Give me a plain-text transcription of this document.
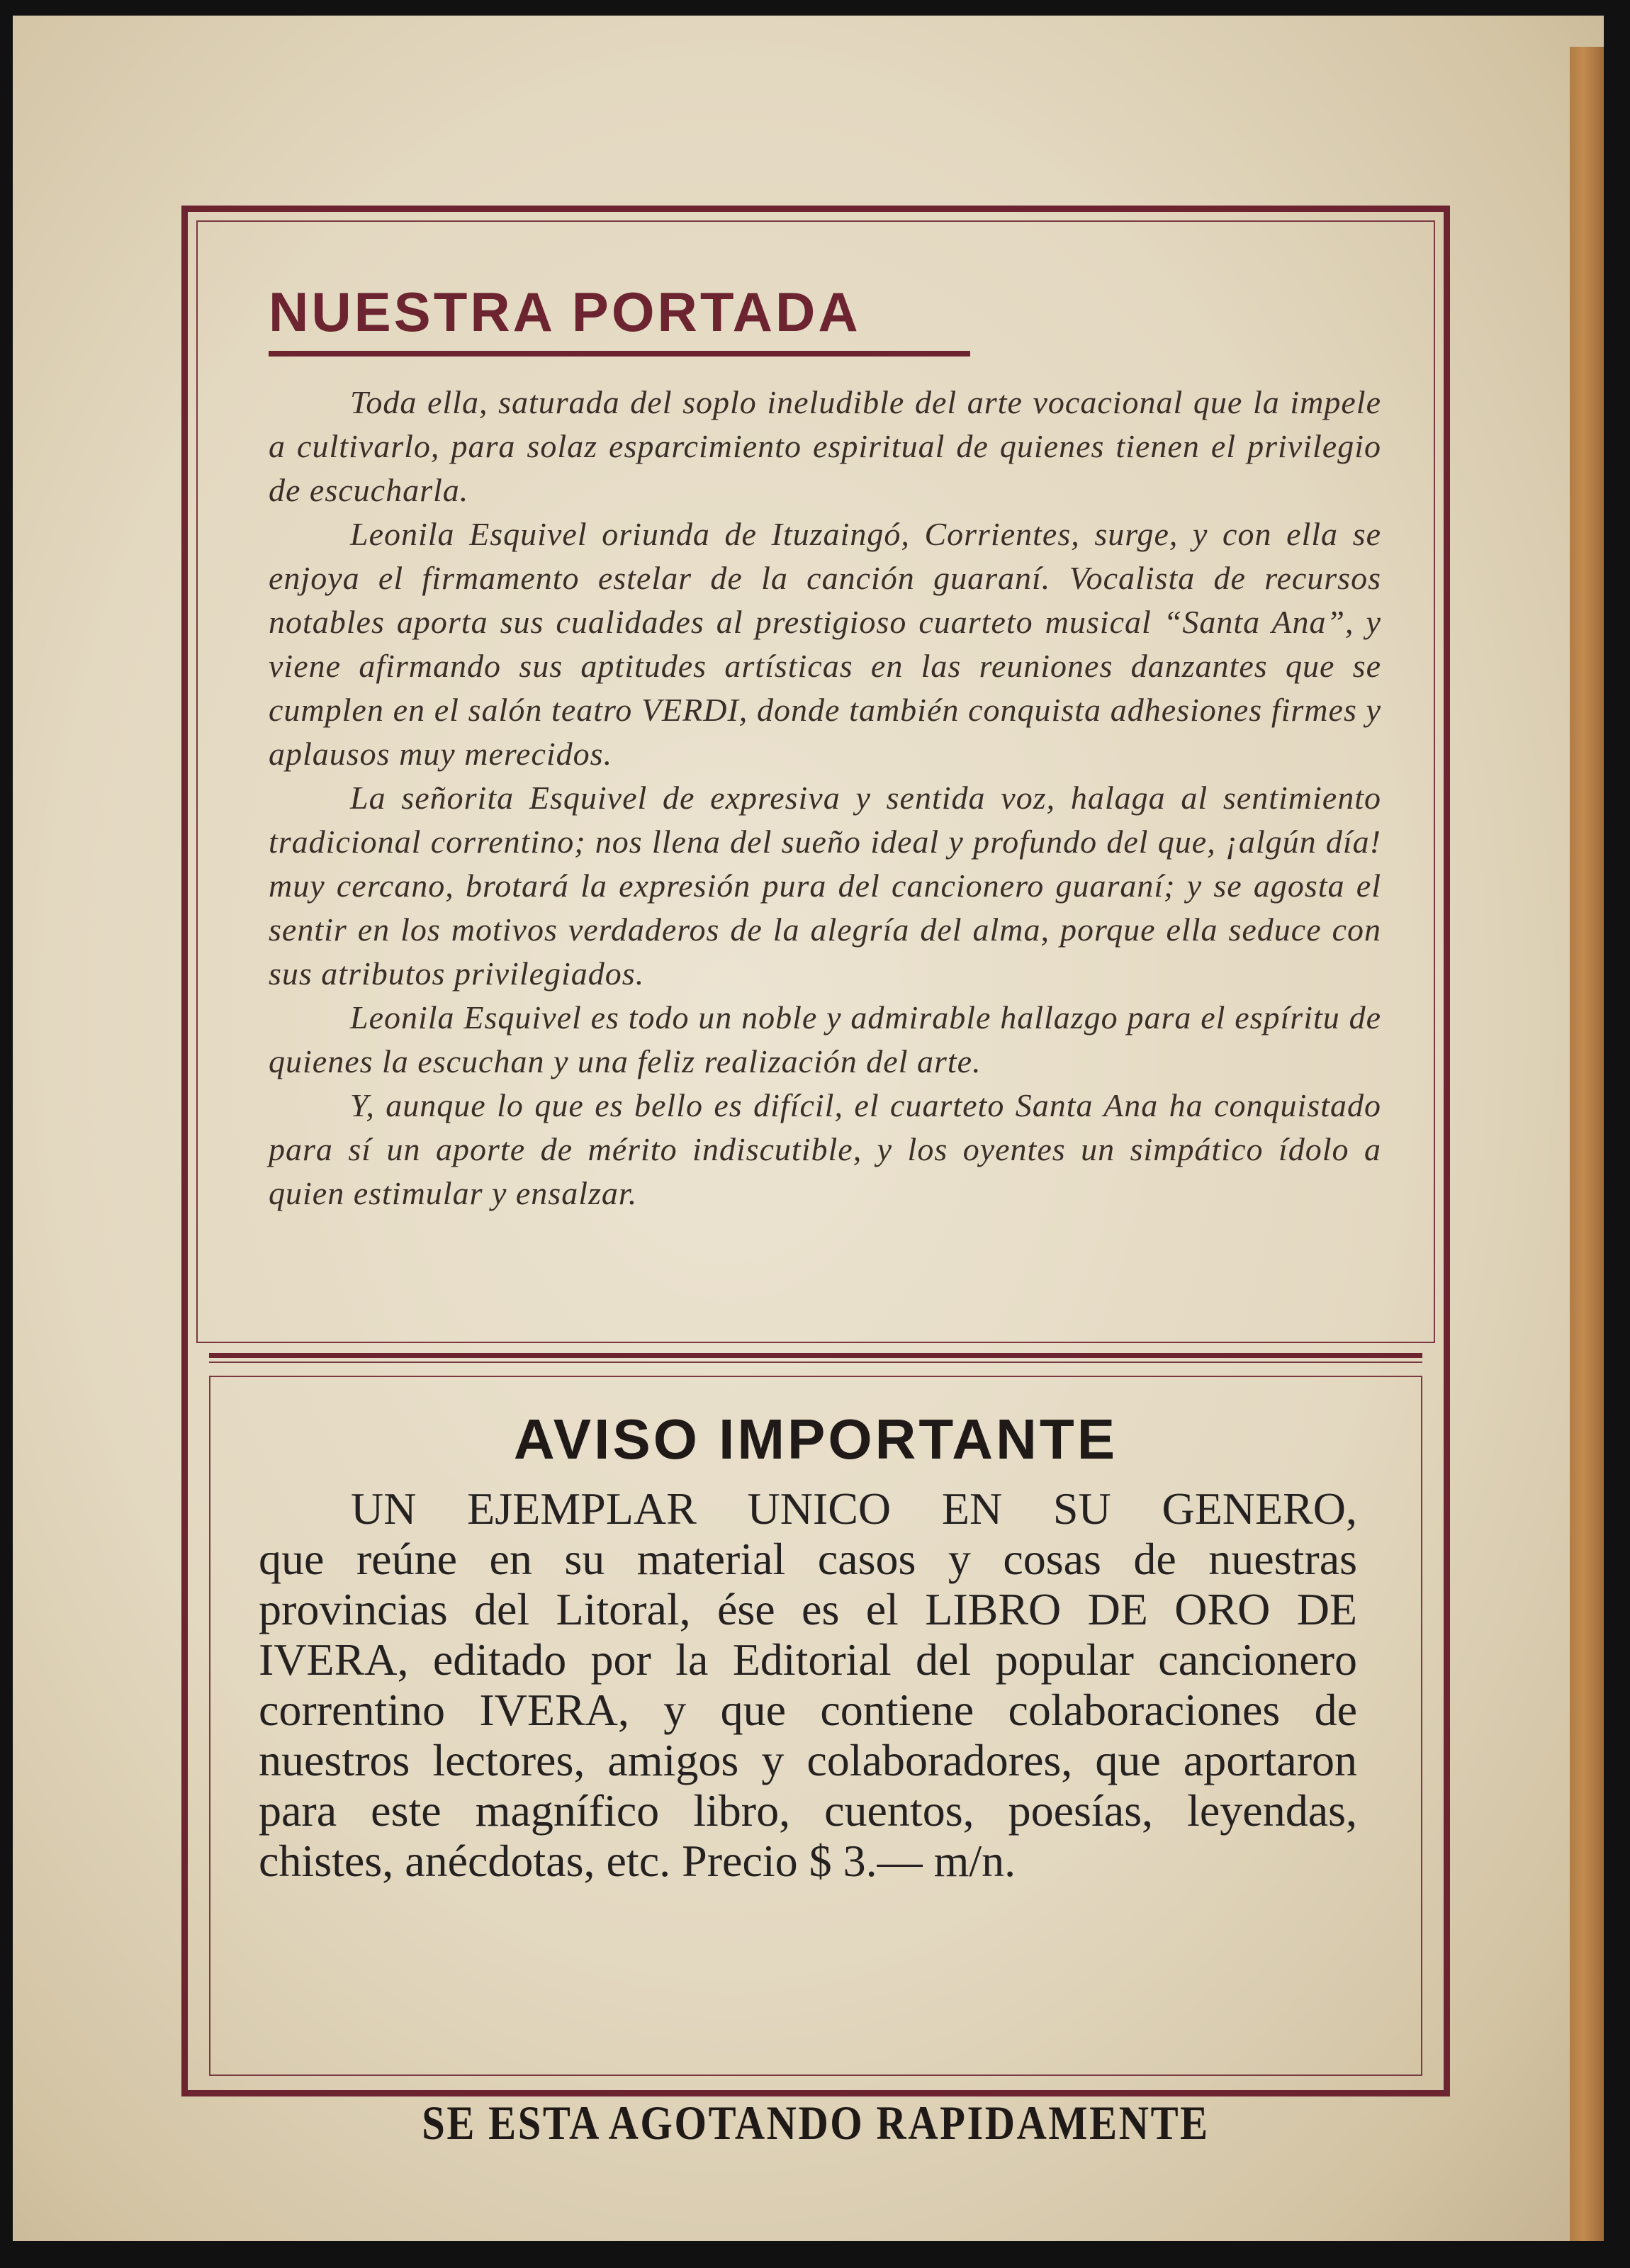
NUESTRA PORTADA

Toda ella, saturada del soplo ineludible del arte vocacional que la impele a cultivarlo, para solaz esparcimiento espiritual de quienes tienen el privilegio de escucharla.

Leonila Esquivel oriunda de Ituzaingó, Corrientes, surge, y con ella se enjoya el firmamento estelar de la canción guaraní. Vocalista de recursos notables aporta sus cualidades al prestigioso cuarteto musical “Santa Ana”, y viene afirmando sus aptitudes artísticas en las reuniones danzantes que se cumplen en el salón teatro VERDI, donde también conquista adhesiones firmes y aplausos muy merecidos.

La señorita Esquivel de expresiva y sentida voz, halaga al sentimiento tradicional correntino; nos llena del sueño ideal y profundo del que, ¡algún día! muy cercano, brotará la expresión pura del cancionero guaraní; y se agosta el sentir en los motivos verdaderos de la alegría del alma, porque ella seduce con sus atributos privilegiados.

Leonila Esquivel es todo un noble y admirable hallazgo para el espíritu de quienes la escuchan y una feliz realización del arte.

Y, aunque lo que es bello es difícil, el cuarteto Santa Ana ha conquistado para sí un aporte de mérito indiscutible, y los oyentes un simpático ídolo a quien estimular y ensalzar.

AVISO IMPORTANTE
UN EJEMPLAR UNICO EN SU GENERO,
que reúne en su material casos y cosas de nuestras provincias del Litoral, ése es el LIBRO DE ORO DE IVERA, editado por la Editorial del popular cancionero correntino IVERA, y que contiene colaboraciones de nuestros lectores, amigos y colaboradores, que aportaron para este magnífico libro, cuentos, poesías, leyendas, chistes, anécdotas, etc. Precio $ 3.— m/n.
SE ESTA AGOTANDO RAPIDAMENTE
